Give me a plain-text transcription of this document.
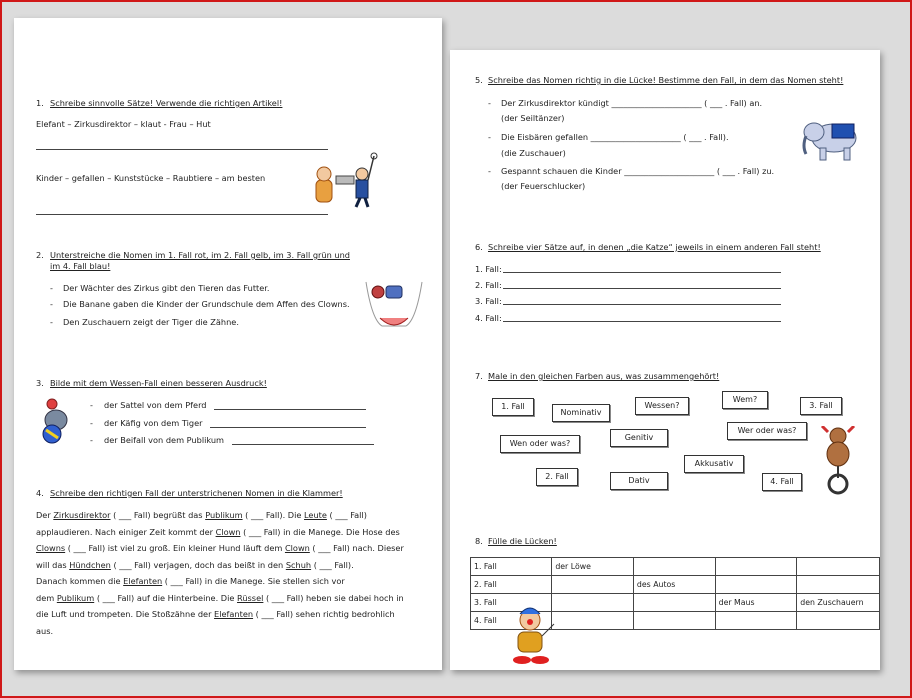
1. Schreibe sinnvolle Sätze! Verwende die richtigen Artikel!
Elefant – Zirkusdirektor – klaut - Frau – Hut
Kinder – gefallen – Kunststücke – Raubtiere – am besten
2. Unterstreiche die Nomen im 1. Fall rot, im 2. Fall gelb, im 3. Fall grün und
im 4. Fall blau!
- Der Wächter des Zirkus gibt den Tieren das Futter.
- Die Banane gaben die Kinder der Grundschule dem Affen des Clowns.
- Den Zuschauern zeigt der Tiger die Zähne.
3. Bilde mit dem Wessen-Fall einen besseren Ausdruck!
- der Sattel von dem Pferd
- der Käfig von dem Tiger
- der Beifall von dem Publikum
4. Schreibe den richtigen Fall der unterstrichenen Nomen in die Klammer!
Der Zirkusdirektor ( ___ Fall) begrüßt das Publikum ( ___ Fall). Die Leute ( ___ Fall)
applaudieren. Nach einiger Zeit kommt der Clown ( ___ Fall) in die Manege. Die Hose des
Clowns ( ___ Fall) ist viel zu groß. Ein kleiner Hund läuft dem Clown ( ___ Fall) nach. Dieser
will das Hündchen ( ___ Fall) verjagen, doch das beißt in den Schuh ( ___ Fall).
Danach kommen die Elefanten ( ___ Fall) in die Manege. Sie stellen sich vor
dem Publikum ( ___ Fall) auf die Hinterbeine. Die Rüssel ( ___ Fall) heben sie dabei hoch in
die Luft und trompeten. Die Stoßzähne der Elefanten ( ___ Fall) sehen richtig bedrohlich
aus.
5. Schreibe das Nomen richtig in die Lücke! Bestimme den Fall, in dem das Nomen steht!
- Der Zirkusdirektor kündigt ______________________ ( ___ . Fall) an.
(der Seiltänzer)
- Die Eisbären gefallen ______________________ ( ___ . Fall).
(die Zuschauer)
- Gespannt schauen die Kinder ______________________ ( ___ . Fall) zu.
(der Feuerschlucker)
6. Schreibe vier Sätze auf, in denen „die Katze“ jeweils in einem anderen Fall steht!
1. Fall:
2. Fall:
3. Fall:
4. Fall:
7. Male in den gleichen Farben aus, was zusammengehört!
1. Fall
Nominativ
Wessen?
Wem?
3. Fall
Genitiv
Wer oder was?
Wen oder was?
Akkusativ
2. Fall	Dativ	4. Fall
8. Fülle die Lücken!
1. Fall	der Löwe			
2. Fall		des Autos		
3. Fall			der Maus	den Zuschauern
4. Fall				
